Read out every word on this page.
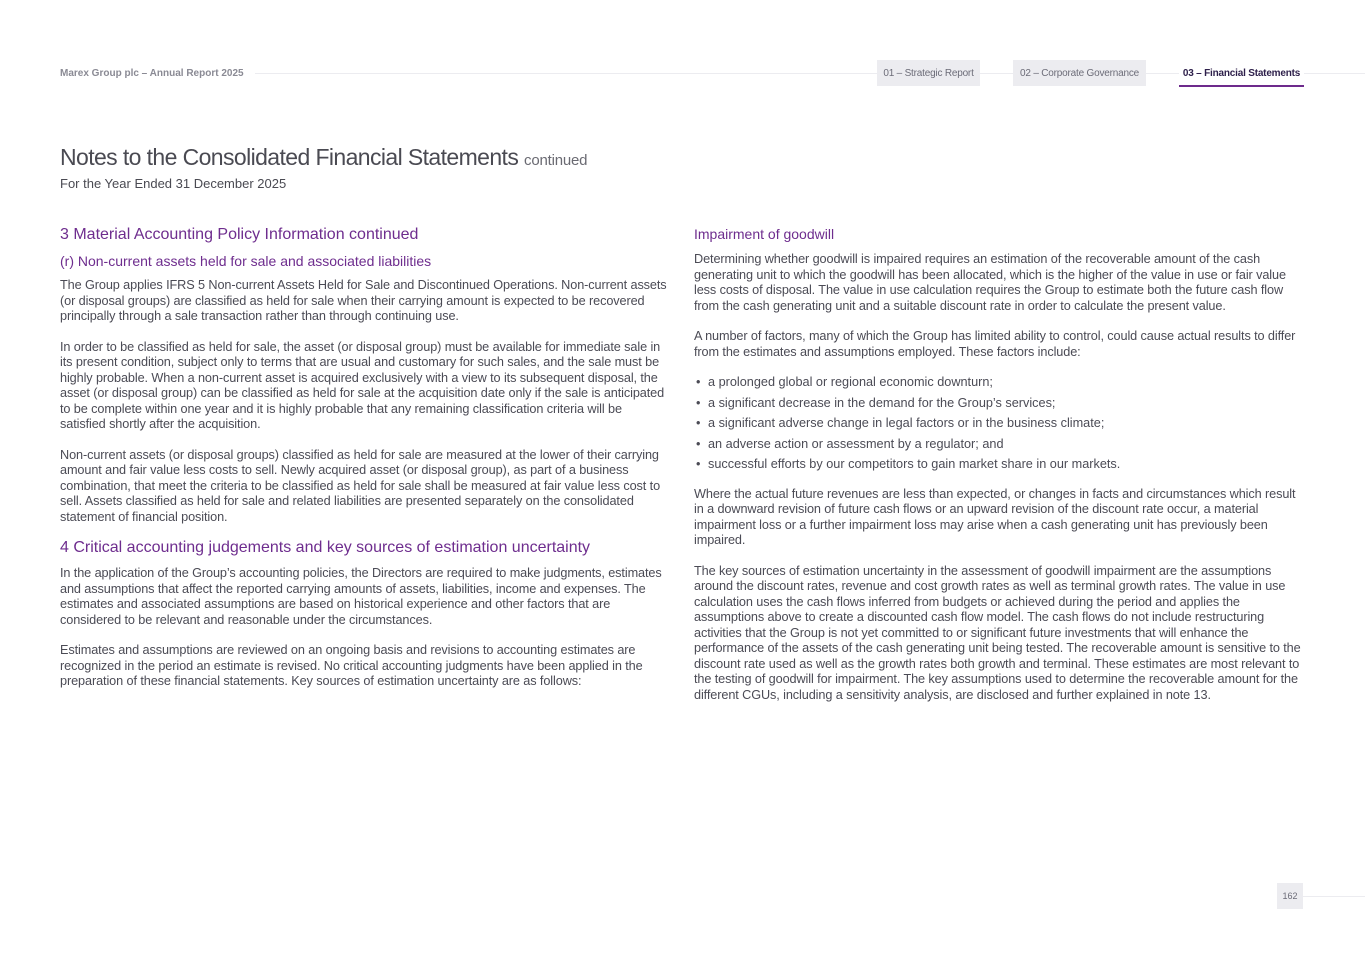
Marex Group plc – Annual Report 2025	01 – Strategic Report	02 – Corporate Governance	03 – Financial Statements
Notes to the Consolidated Financial Statements continued
For the Year Ended 31 December 2025
3 Material Accounting Policy Information continued
(r) Non-current assets held for sale and associated liabilities

The Group applies IFRS 5 Non-current Assets Held for Sale and Discontinued Operations. Non-current assets (or disposal groups) are classified as held for sale when their carrying amount is expected to be recovered principally through a sale transaction rather than through continuing use.

In order to be classified as held for sale, the asset (or disposal group) must be available for immediate sale in its present condition, subject only to terms that are usual and customary for such sales, and the sale must be highly probable. When a non-current asset is acquired exclusively with a view to its subsequent disposal, the asset (or disposal group) can be classified as held for sale at the acquisition date only if the sale is anticipated to be complete within one year and it is highly probable that any remaining classification criteria will be satisfied shortly after the acquisition.

Non-current assets (or disposal groups) classified as held for sale are measured at the lower of their carrying amount and fair value less costs to sell. Newly acquired asset (or disposal group), as part of a business combination, that meet the criteria to be classified as held for sale shall be measured at fair value less cost to sell. Assets classified as held for sale and related liabilities are presented separately on the consolidated statement of financial position.

4 Critical accounting judgements and key sources of estimation uncertainty

In the application of the Group’s accounting policies, the Directors are required to make judgments, estimates and assumptions that affect the reported carrying amounts of assets, liabilities, income and expenses. The estimates and associated assumptions are based on historical experience and other factors that are considered to be relevant and reasonable under the circumstances.

Estimates and assumptions are reviewed on an ongoing basis and revisions to accounting estimates are recognized in the period an estimate is revised. No critical accounting judgments have been applied in the preparation of these financial statements. Key sources of estimation uncertainty are as follows:

Impairment of goodwill

Determining whether goodwill is impaired requires an estimation of the recoverable amount of the cash generating unit to which the goodwill has been allocated, which is the higher of the value in use or fair value less costs of disposal. The value in use calculation requires the Group to estimate both the future cash flow from the cash generating unit and a suitable discount rate in order to calculate the present value.

A number of factors, many of which the Group has limited ability to control, could cause actual results to differ from the estimates and assumptions employed. These factors include:

• a prolonged global or regional economic downturn;
• a significant decrease in the demand for the Group’s services;
• a significant adverse change in legal factors or in the business climate;
• an adverse action or assessment by a regulator; and
• successful efforts by our competitors to gain market share in our markets.

Where the actual future revenues are less than expected, or changes in facts and circumstances which result in a downward revision of future cash flows or an upward revision of the discount rate occur, a material impairment loss or a further impairment loss may arise when a cash generating unit has previously been impaired.

The key sources of estimation uncertainty in the assessment of goodwill impairment are the assumptions around the discount rates, revenue and cost growth rates as well as terminal growth rates. The value in use calculation uses the cash flows inferred from budgets or achieved during the period and applies the assumptions above to create a discounted cash flow model. The cash flows do not include restructuring activities that the Group is not yet committed to or significant future investments that will enhance the performance of the assets of the cash generating unit being tested. The recoverable amount is sensitive to the discount rate used as well as the growth rates both growth and terminal. These estimates are most relevant to the testing of goodwill for impairment. The key assumptions used to determine the recoverable amount for the different CGUs, including a sensitivity analysis, are disclosed and further explained in note 13.

162
